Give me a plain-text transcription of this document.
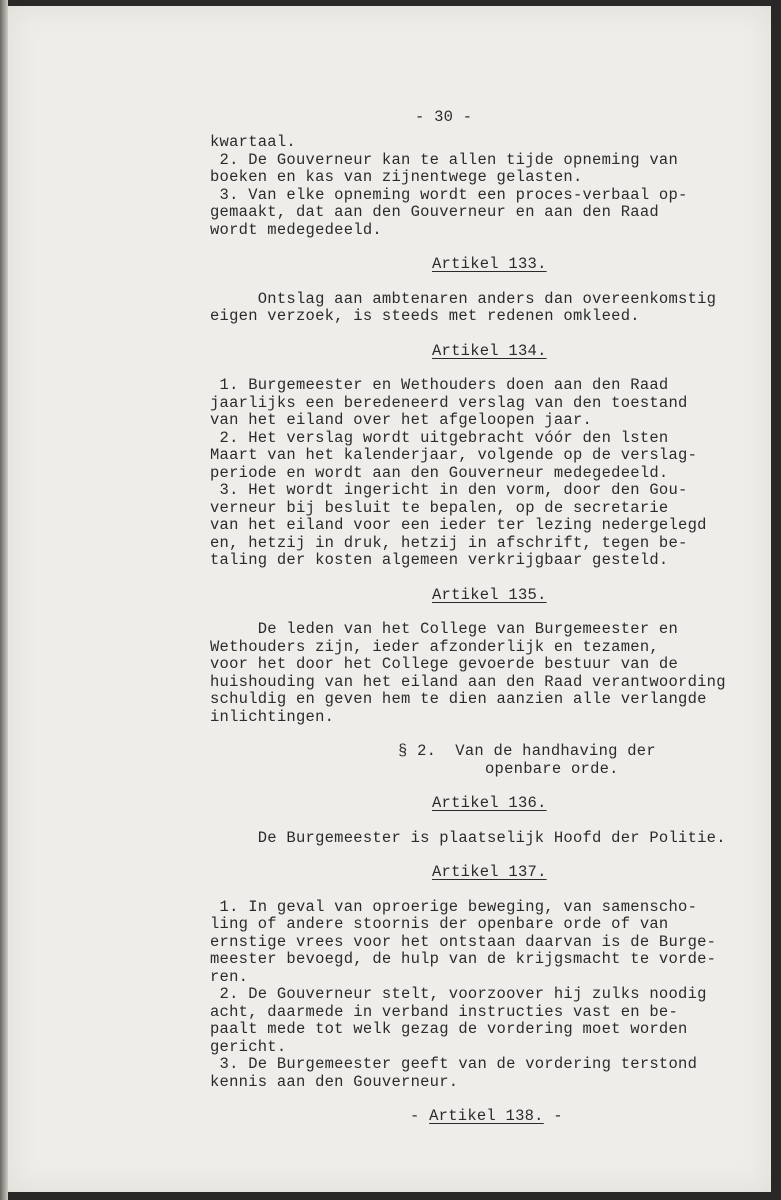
- 30 -
kwartaal.
2. De Gouverneur kan te allen tijde opneming van
boeken en kas van zijnentwege gelasten.
3. Van elke opneming wordt een proces-verbaal op-
gemaakt, dat aan den Gouverneur en aan den Raad
wordt medegedeeld.
Artikel 133.
Ontslag aan ambtenaren anders dan overeenkomstig
eigen verzoek, is steeds met redenen omkleed.
Artikel 134.
1. Burgemeester en Wethouders doen aan den Raad
jaarlijks een beredeneerd verslag van den toestand
van het eiland over het afgeloopen jaar.
2. Het verslag wordt uitgebracht vóór den lsten
Maart van het kalenderjaar, volgende op de verslag-
periode en wordt aan den Gouverneur medegedeeld.
3. Het wordt ingericht in den vorm, door den Gou-
verneur bij besluit te bepalen, op de secretarie
van het eiland voor een ieder ter lezing nedergelegd
en, hetzij in druk, hetzij in afschrift, tegen be-
taling der kosten algemeen verkrijgbaar gesteld.
Artikel 135.
De leden van het College van Burgemeester en
Wethouders zijn, ieder afzonderlijk en tezamen,
voor het door het College gevoerde bestuur van de
huishouding van het eiland aan den Raad verantwoording
schuldig en geven hem te dien aanzien alle verlangde
inlichtingen.
§ 2.  Van de handhaving der
openbare orde.
Artikel 136.
De Burgemeester is plaatselijk Hoofd der Politie.
Artikel 137.
1. In geval van oproerige beweging, van samenscho-
ling of andere stoornis der openbare orde of van
ernstige vrees voor het ontstaan daarvan is de Burge-
meester bevoegd, de hulp van de krijgsmacht te vorde-
ren.
2. De Gouverneur stelt, voorzoover hij zulks noodig
acht, daarmede in verband instructies vast en be-
paalt mede tot welk gezag de vordering moet worden
gericht.
3. De Burgemeester geeft van de vordering terstond
kennis aan den Gouverneur.
- Artikel 138. -
